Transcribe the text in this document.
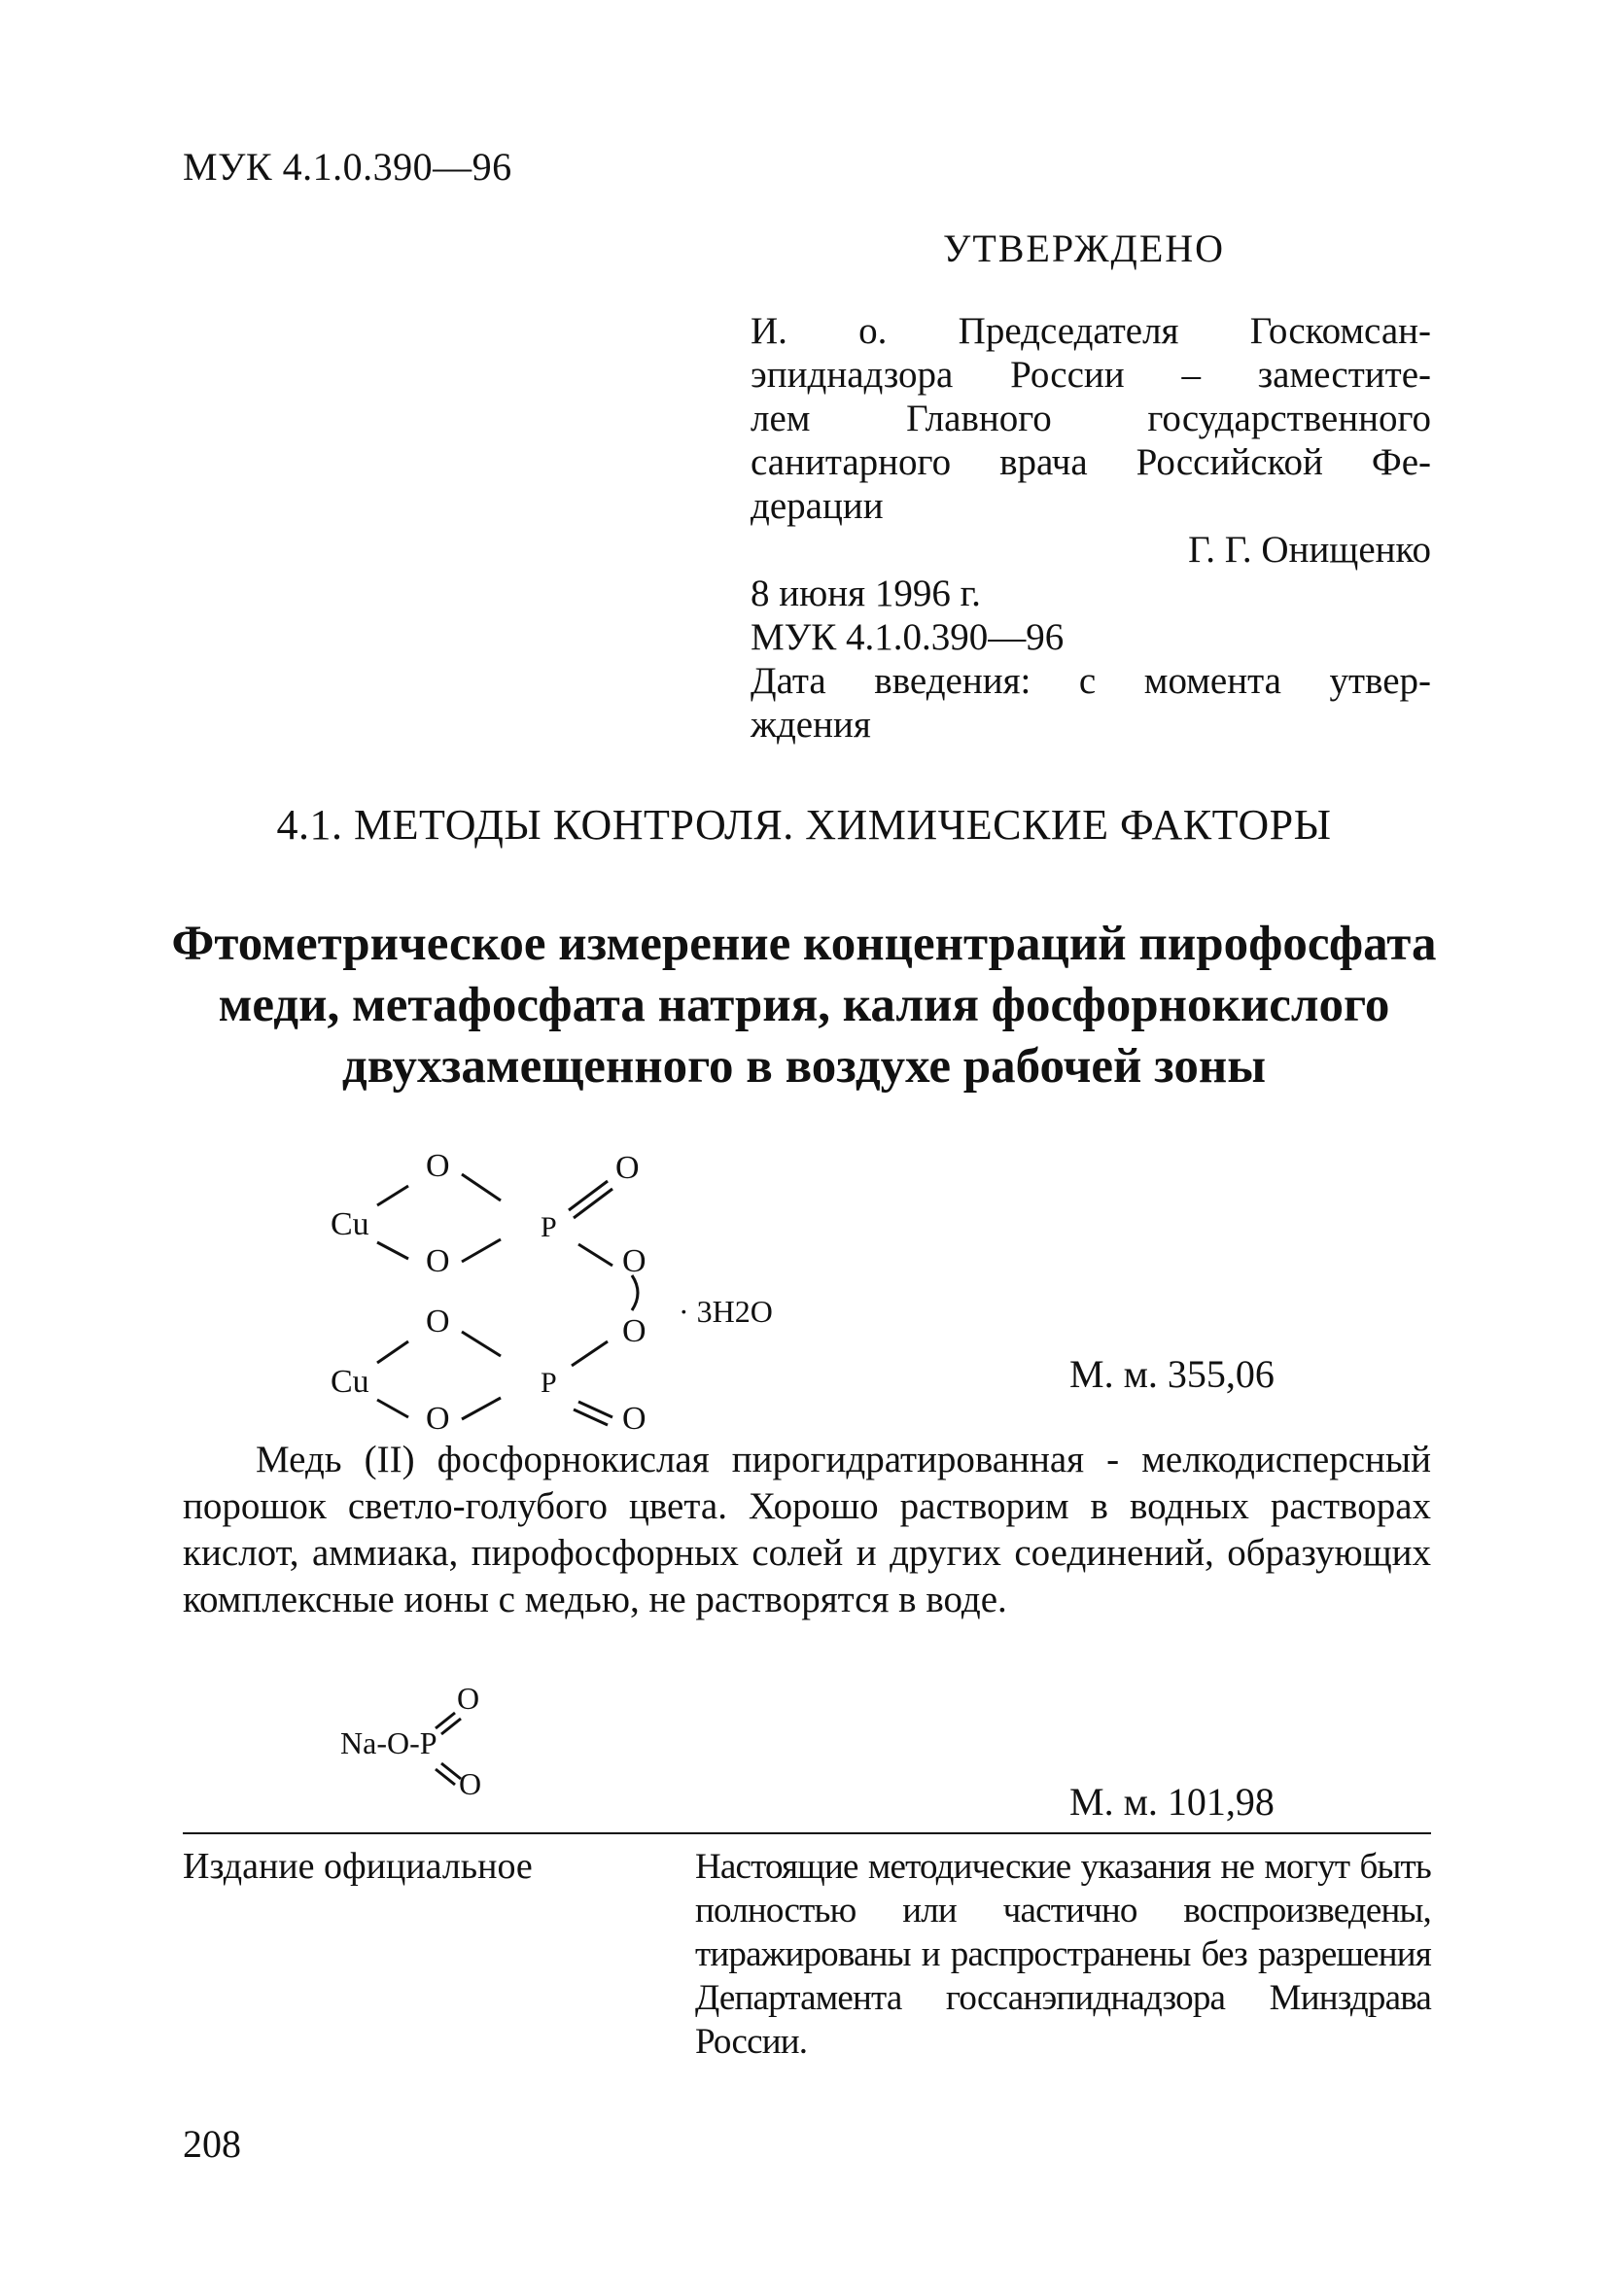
МУК 4.1.0.390—96
УТВЕРЖДЕНО

И. о. Председателя Госкомсан-

эпиднадзора России – заместите-

лем Главного государственного

санитарного врача Российской Фе-

дерации

Г. Г. Онищенко

8 июня 1996 г.

МУК 4.1.0.390—96

Дата введения: с момента утвер-

ждения

4.1. МЕТОДЫ КОНТРОЛЯ. ХИМИЧЕСКИЕ ФАКТОРЫ
Фтометрическое измерение концентраций пирофосфата меди, метафосфата натрия, калия фосфорнокислого двухзамещенного в воздухе рабочей зоны
O
Cu	P
O
O	O
· 3H2O
O
O
Cu	P
O	O
М. м. 355,06

Медь (II) фосфорнокислая пирогидратированная - мелкодисперсный порошок светло-голубого цвета. Хорошо растворим в водных растворах кислот, аммиака, пирофосфорных солей и других соединений, образующих комплексные ионы с медью, не растворятся в воде.

O
Na-O-P
O	М. м. 101,98
Издание официальное	Настоящие методические указания не могут быть полностью или частично воспроизведены, тиражированы и распространены без разрешения Департамента госсанэпиднадзора Минздрава России.

208
